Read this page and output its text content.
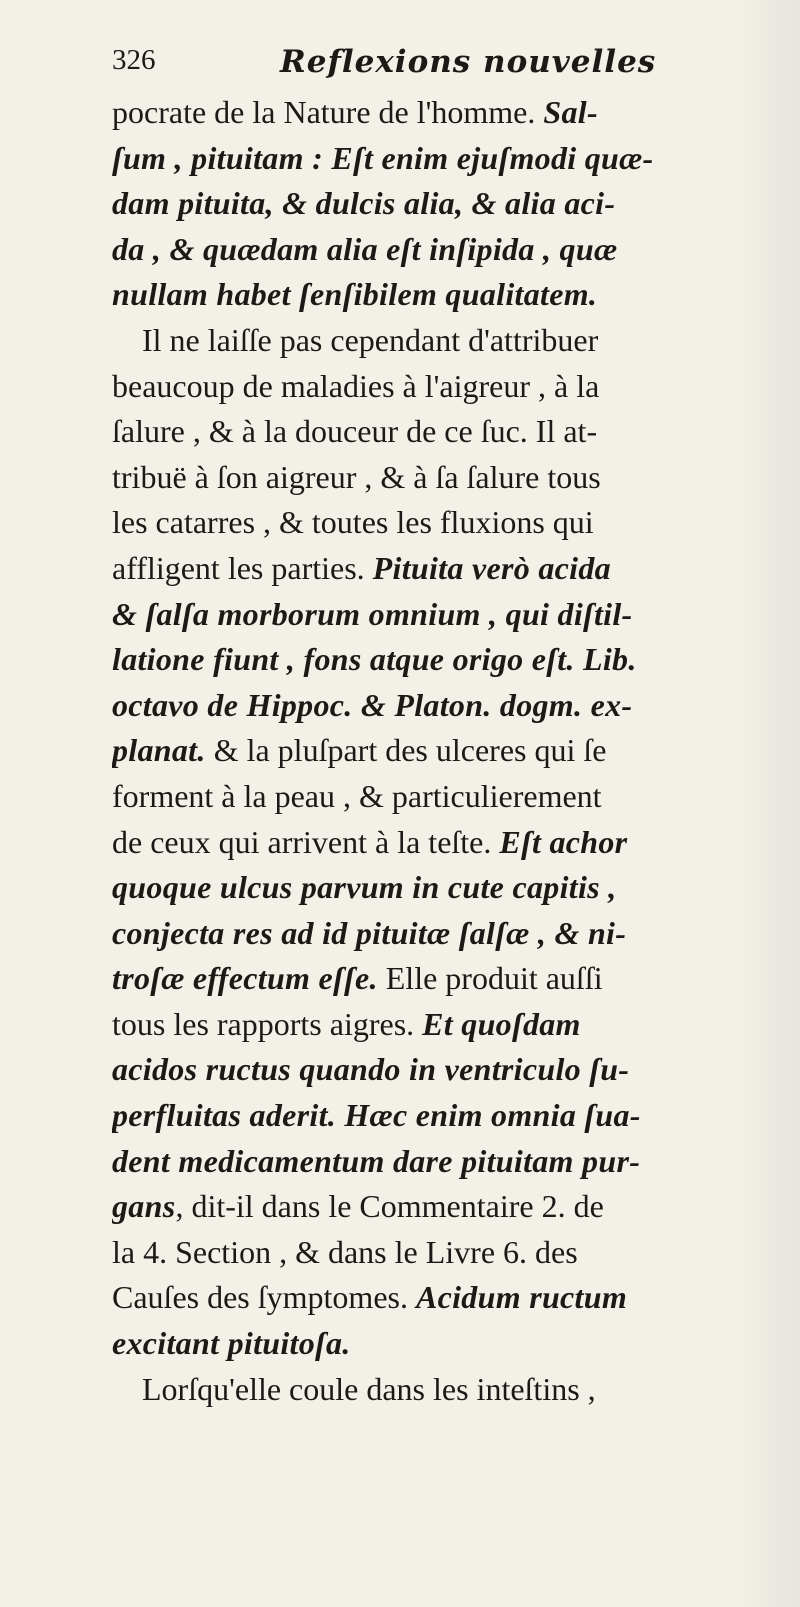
326	Reflexions nouvelles
pocrate de la Nature de l'homme. Sal-
ſum , pituitam : Eſt enim ejuſmodi quæ-
dam pituita, & dulcis alia, & alia aci-
da , & quædam alia eſt inſipida , quæ
nullam habet ſenſibilem qualitatem.
Il ne laiſſe pas cependant d'attribuer
beaucoup de maladies à l'aigreur , à la
ſalure , & à la douceur de ce ſuc. Il at-
tribuë à ſon aigreur , & à ſa ſalure tous
les catarres , & toutes les fluxions qui
affligent les parties. Pituita verò acida
& ſalſa morborum omnium , qui diſtil-
latione fiunt , fons atque origo eſt. Lib.
octavo de Hippoc. & Platon. dogm. ex-
planat. & la pluſpart des ulceres qui ſe
forment à la peau , & particulierement
de ceux qui arrivent à la teſte. Eſt achor
quoque ulcus parvum in cute capitis ,
conjecta res ad id pituitæ ſalſæ , & ni-
troſæ effectum eſſe. Elle produit auſſi
tous les rapports aigres. Et quoſdam
acidos ructus quando in ventriculo ſu-
perfluitas aderit. Hæc enim omnia ſua-
dent medicamentum dare pituitam pur-
gans, dit-il dans le Commentaire 2. de
la 4. Section , & dans le Livre 6. des
Cauſes des ſymptomes. Acidum ructum
excitant pituitoſa.
Lorſqu'elle coule dans les inteſtins ,
